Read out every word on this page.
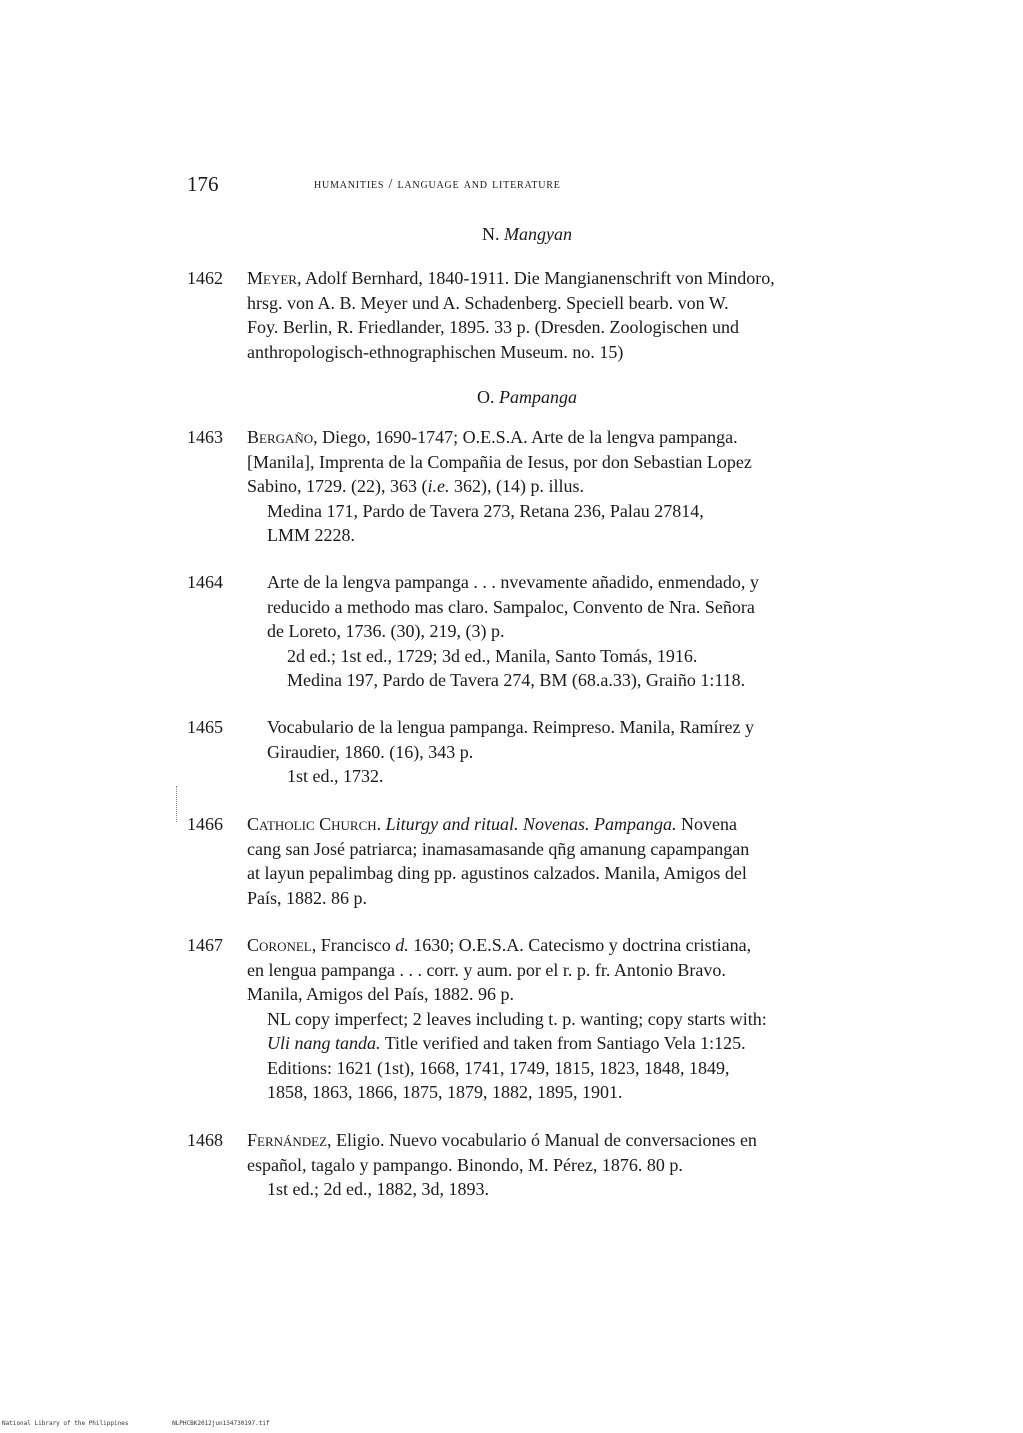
176	humanities / language and literature
N. Mangyan
1462 Meyer, Adolf Bernhard, 1840-1911. Die Mangianenschrift von Mindoro,
hrsg. von A. B. Meyer und A. Schadenberg. Speciell bearb. von W.
Foy. Berlin, R. Friedlander, 1895. 33 p. (Dresden. Zoologischen und
anthropologisch-ethnographischen Museum. no. 15)
O. Pampanga
1463 Bergaño, Diego, 1690-1747; O.E.S.A. Arte de la lengva pampanga.
[Manila], Imprenta de la Compañia de Iesus, por don Sebastian Lopez
Sabino, 1729. (22), 363 (i.e. 362), (14) p. illus.
Medina 171, Pardo de Tavera 273, Retana 236, Palau 27814,
LMM 2228.
1464 Arte de la lengva pampanga . . . nvevamente añadido, enmendado, y
reducido a methodo mas claro. Sampaloc, Convento de Nra. Señora
de Loreto, 1736. (30), 219, (3) p.
2d ed.; 1st ed., 1729; 3d ed., Manila, Santo Tomás, 1916.
Medina 197, Pardo de Tavera 274, BM (68.a.33), Graiño 1:118.
1465 Vocabulario de la lengua pampanga. Reimpreso. Manila, Ramírez y
Giraudier, 1860. (16), 343 p.
1st ed., 1732.
1466 Catholic Church. Liturgy and ritual. Novenas. Pampanga. Novena
cang san José patriarca; inamasamasande qñg amanung capampangan
at layun pepalimbag ding pp. agustinos calzados. Manila, Amigos del
País, 1882. 86 p.
1467 Coronel, Francisco d. 1630; O.E.S.A. Catecismo y doctrina cristiana,
en lengua pampanga . . . corr. y aum. por el r. p. fr. Antonio Bravo.
Manila, Amigos del País, 1882. 96 p.
NL copy imperfect; 2 leaves including t. p. wanting; copy starts with:
Uli nang tanda. Title verified and taken from Santiago Vela 1:125.
Editions: 1621 (1st), 1668, 1741, 1749, 1815, 1823, 1848, 1849,
1858, 1863, 1866, 1875, 1879, 1882, 1895, 1901.
1468 Fernández, Eligio. Nuevo vocabulario ó Manual de conversaciones en
español, tagalo y pampango. Binondo, M. Pérez, 1876. 80 p.
1st ed.; 2d ed., 1882, 3d, 1893.
National Library of the Philippines	NLPHCBK2012jun134730197.tif
